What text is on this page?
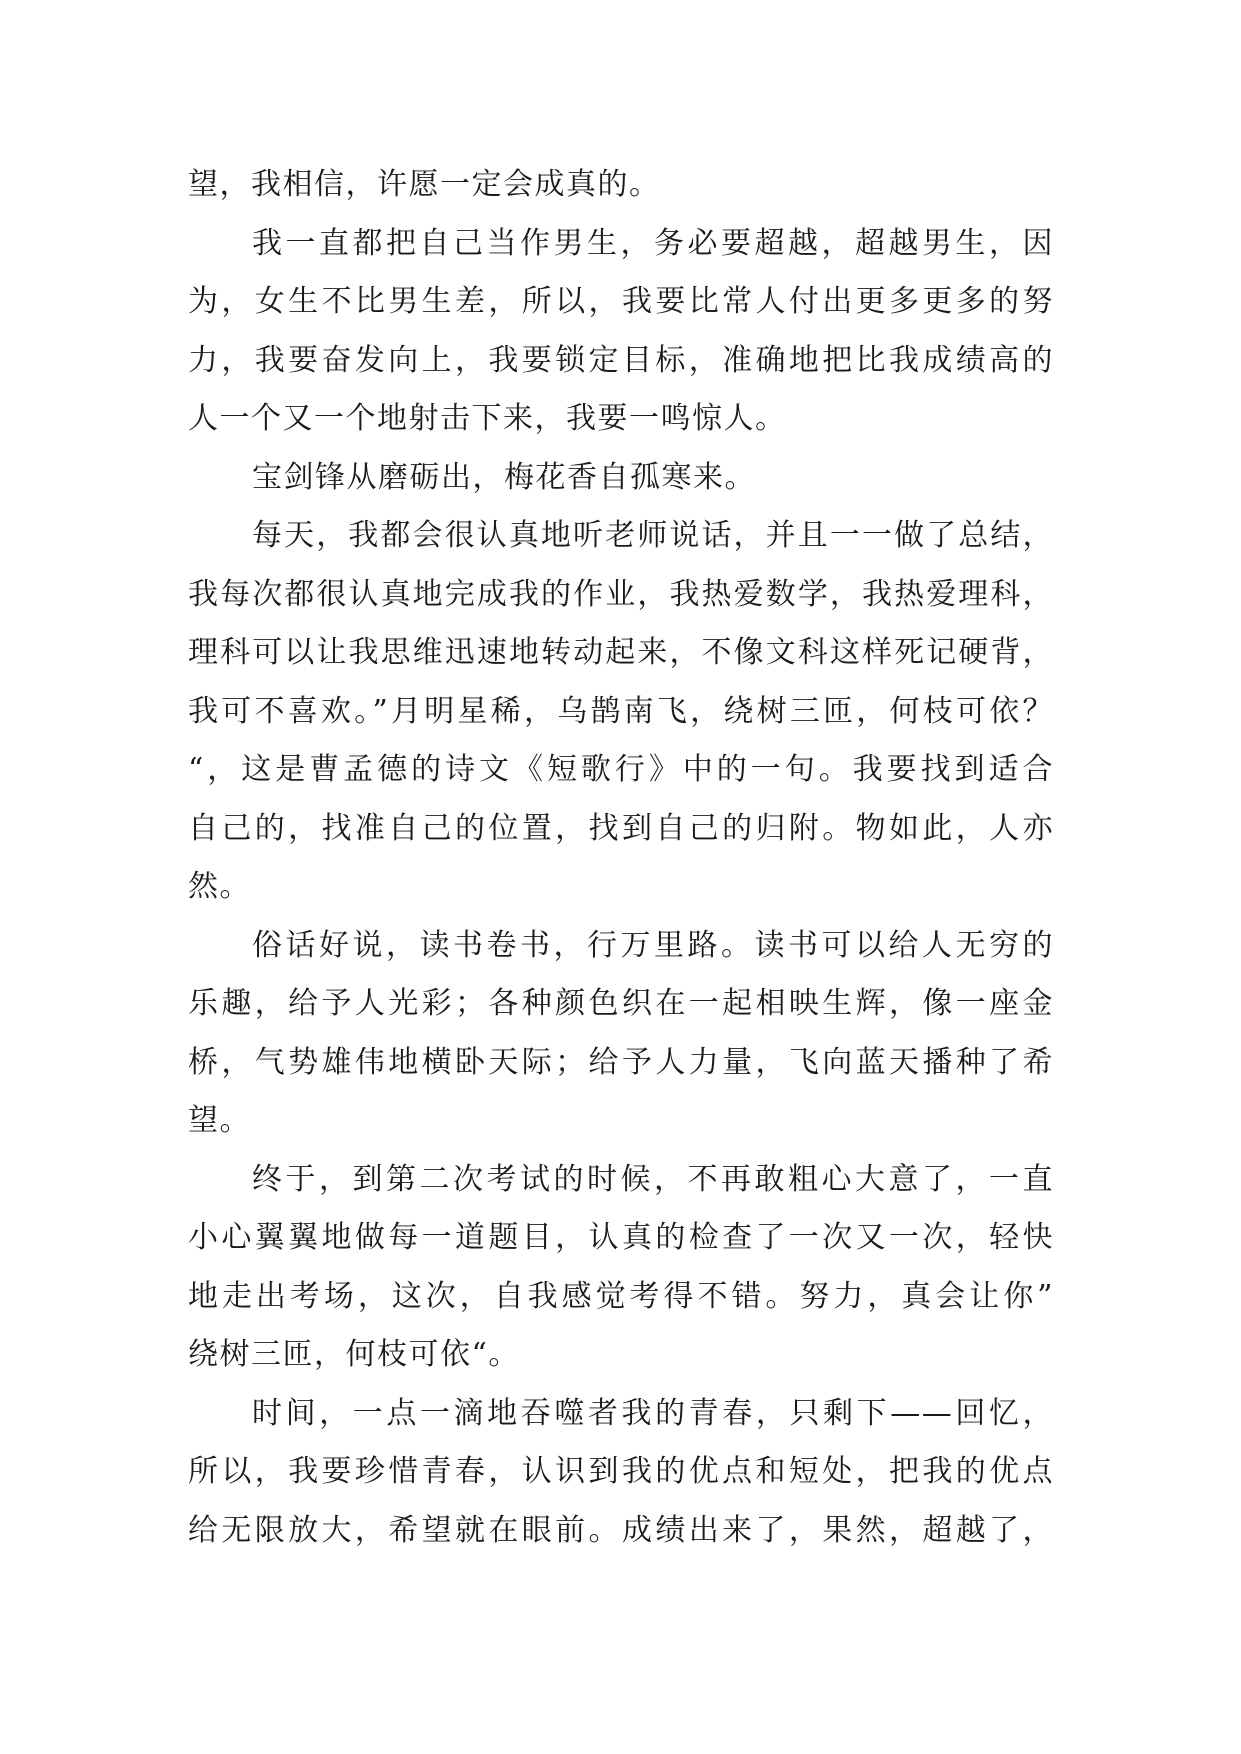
望，我相信，许愿一定会成真的。
我一直都把自己当作男生，务必要超越，超越男生，因
为，女生不比男生差，所以，我要比常人付出更多更多的努
力，我要奋发向上，我要锁定目标，准确地把比我成绩高的
人一个又一个地射击下来，我要一鸣惊人。
宝剑锋从磨砺出，梅花香自孤寒来。
每天，我都会很认真地听老师说话，并且一一做了总结，
我每次都很认真地完成我的作业，我热爱数学，我热爱理科，
理科可以让我思维迅速地转动起来，不像文科这样死记硬背，
我可不喜欢。”月明星稀，乌鹊南飞，绕树三匝，何枝可依？
“，这是曹孟德的诗文《短歌行》中的一句。我要找到适合
自己的，找准自己的位置，找到自己的归附。物如此，人亦
然。
俗话好说，读书卷书，行万里路。读书可以给人无穷的
乐趣，给予人光彩；各种颜色织在一起相映生辉，像一座金
桥，气势雄伟地横卧天际；给予人力量，飞向蓝天播种了希
望。
终于，到第二次考试的时候，不再敢粗心大意了，一直
小心翼翼地做每一道题目，认真的检查了一次又一次，轻快
地走出考场，这次，自我感觉考得不错。努力，真会让你”
绕树三匝，何枝可依“。
时间，一点一滴地吞噬者我的青春，只剩下——回忆，
所以，我要珍惜青春，认识到我的优点和短处，把我的优点
给无限放大，希望就在眼前。成绩出来了，果然，超越了，
